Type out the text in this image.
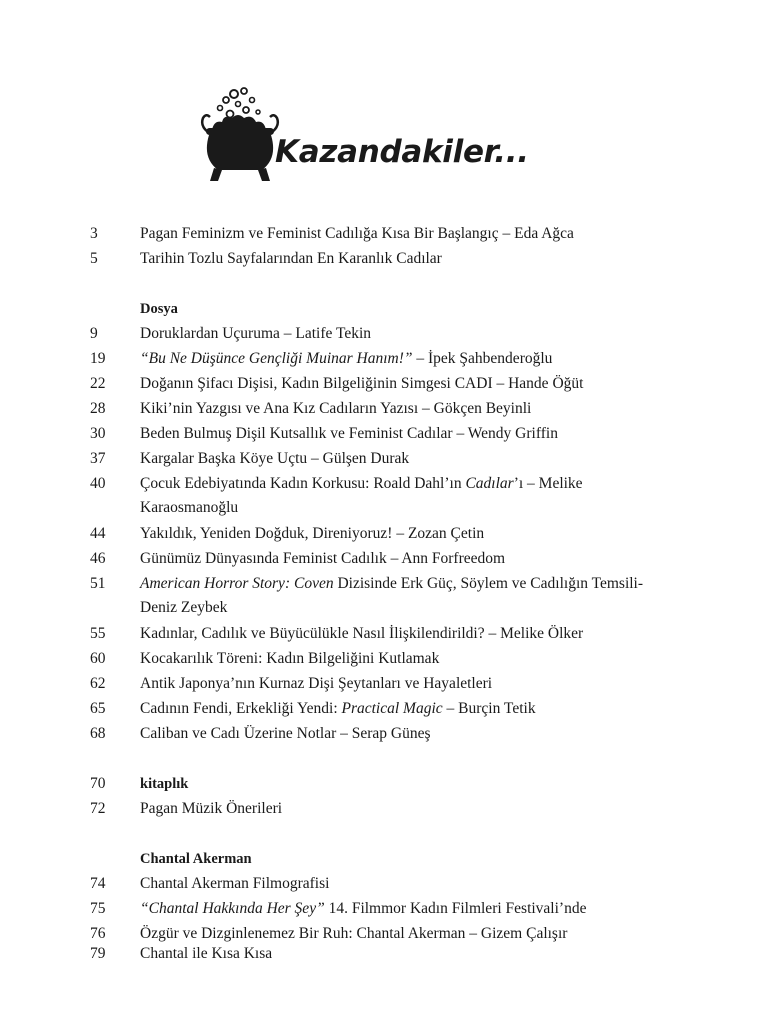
Kazandakiler...
3	Pagan Feminizm ve Feminist Cadılığa Kısa Bir Başlangıç – Eda Ağca
5	Tarihin Tozlu Sayfalarından En Karanlık Cadılar
Dosya
9	Doruklardan Uçuruma – Latife Tekin
19	“Bu Ne Düşünce Gençliği Muinar Hanım!” – İpek Şahbenderoğlu
22	Doğanın Şifacı Dişisi, Kadın Bilgeliğinin Simgesi CADI – Hande Öğüt
28	Kiki’nin Yazgısı ve Ana Kız Cadıların Yazısı – Gökçen Beyinli
30	Beden Bulmuş Dişil Kutsallık ve Feminist Cadılar – Wendy Griffin
37	Kargalar Başka Köye Uçtu – Gülşen Durak
40	Çocuk Edebiyatında Kadın Korkusu: Roald Dahl’ın Cadılar’ı – Melike
Karaosmanoğlu
44	Yakıldık, Yeniden Doğduk, Direniyoruz! – Zozan Çetin
46	Günümüz Dünyasında Feminist Cadılık – Ann Forfreedom
51	American Horror Story: Coven Dizisinde Erk Güç, Söylem ve Cadılığın Temsili-
Deniz Zeybek
55	Kadınlar, Cadılık ve Büyücülükle Nasıl İlişkilendirildi? – Melike Ölker
60	Kocakarılık Töreni: Kadın Bilgeliğini Kutlamak
62	Antik Japonya’nın Kurnaz Dişi Şeytanları ve Hayaletleri
65	Cadının Fendi, Erkekliği Yendi: Practical Magic – Burçin Tetik
68	Caliban ve Cadı Üzerine Notlar – Serap Güneş
70	kitaplık
72	Pagan Müzik Önerileri
Chantal Akerman
74	Chantal Akerman Filmografisi
75	“Chantal Hakkında Her Şey” 14. Filmmor Kadın Filmleri Festivali’nde
76	Özgür ve Dizginlenemez Bir Ruh: Chantal Akerman – Gizem Çalışır
79	Chantal ile Kısa Kısa
